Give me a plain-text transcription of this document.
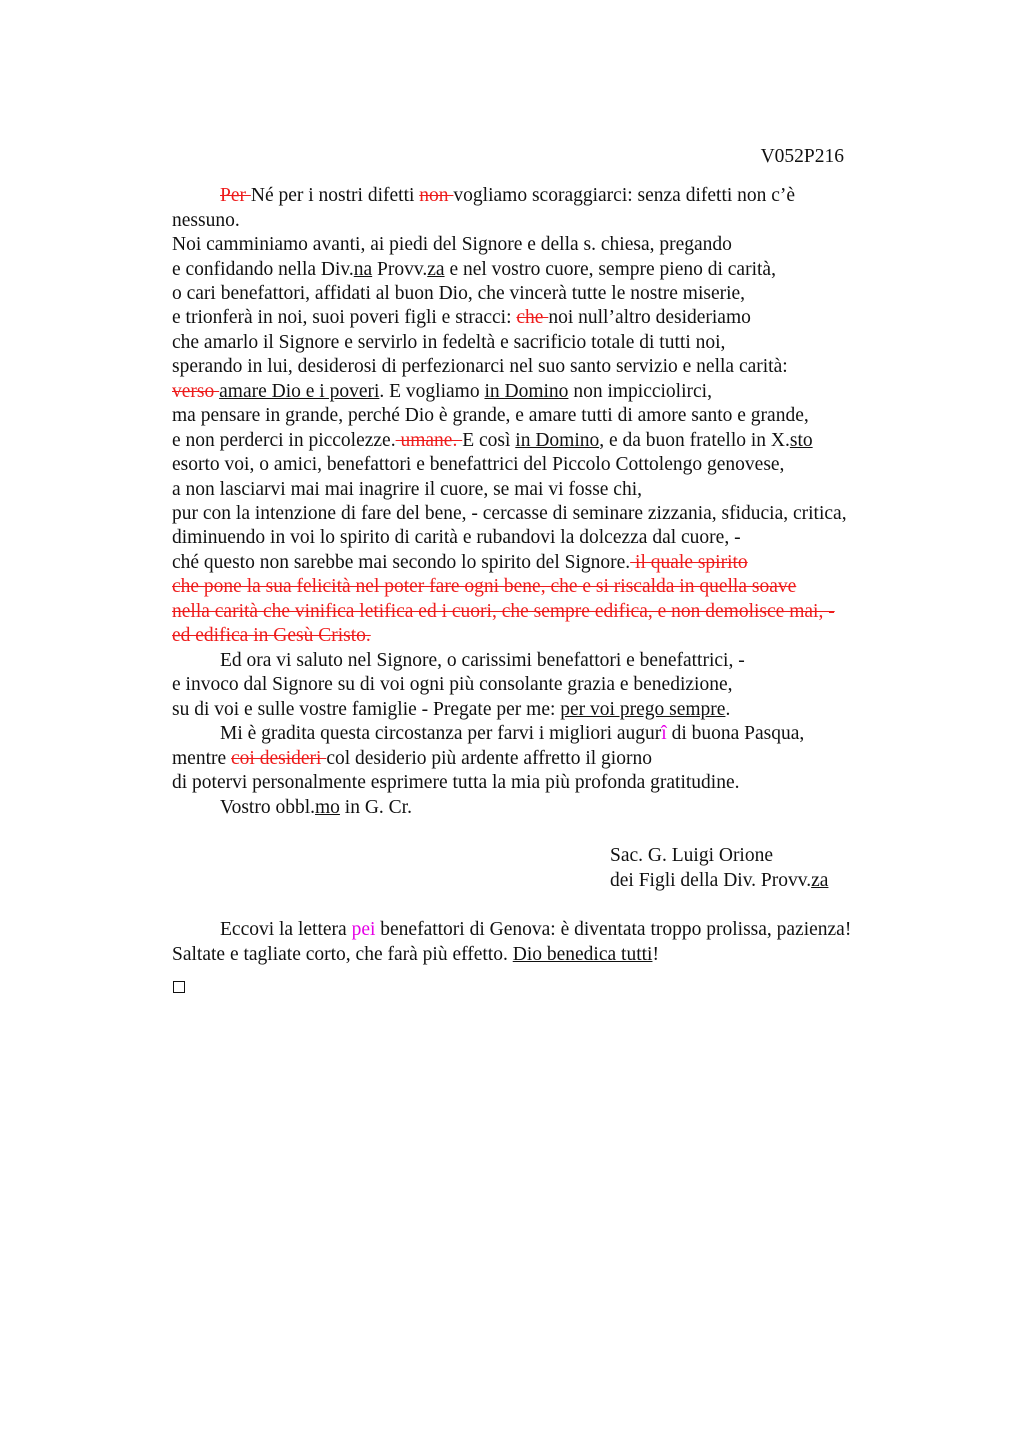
V052P216
Per Né per i nostri difetti non vogliamo scoraggiarci: senza difetti non c’è
nessuno.
Noi camminiamo avanti, ai piedi del Signore e della s. chiesa, pregando
e confidando nella Div.na Provv.za e nel vostro cuore, sempre pieno di carità,
o cari benefattori, affidati al buon Dio, che vincerà tutte le nostre miserie,
e trionferà in noi, suoi poveri figli e stracci: che noi null’altro desideriamo
che amarlo il Signore e servirlo in fedeltà e sacrificio totale di tutti noi,
sperando in lui, desiderosi di perfezionarci nel suo santo servizio e nella carità:
verso amare Dio e i poveri. E vogliamo in Domino non impicciolirci,
ma pensare in grande, perché Dio è grande, e amare tutti di amore santo e grande,
e non perderci in piccolezze. umane. E così in Domino, e da buon fratello in X.sto
esorto voi, o amici, benefattori e benefattrici del Piccolo Cottolengo genovese,
a non lasciarvi mai mai inagrire il cuore, se mai vi fosse chi,
pur con la intenzione di fare del bene, - cercasse di seminare zizzania, sfiducia, critica,
diminuendo in voi lo spirito di carità e rubandovi la dolcezza dal cuore, -
ché questo non sarebbe mai secondo lo spirito del Signore. il quale spirito
che pone la sua felicità nel poter fare ogni bene, che e si riscalda in quella soave
nella carità che vinifica letifica ed i cuori, che sempre edifica, e non demolisce mai, -
ed edifica in Gesù Cristo.
Ed ora vi saluto nel Signore, o carissimi benefattori e benefattrici, -
e invoco dal Signore su di voi ogni più consolante grazia e benedizione,
su di voi e sulle vostre famiglie - Pregate per me: per voi prego sempre.
Mi è gradita questa circostanza per farvi i migliori augurî di buona Pasqua,
mentre coi desideri col desiderio più ardente affretto il giorno
di potervi personalmente esprimere tutta la mia più profonda gratitudine.
Vostro obbl.mo in G. Cr.
Sac. G. Luigi Orione
dei Figli della Div. Provv.za
Eccovi la lettera pei benefattori di Genova: è diventata troppo prolissa, pazienza!
Saltate e tagliate corto, che farà più effetto. Dio benedica tutti!
